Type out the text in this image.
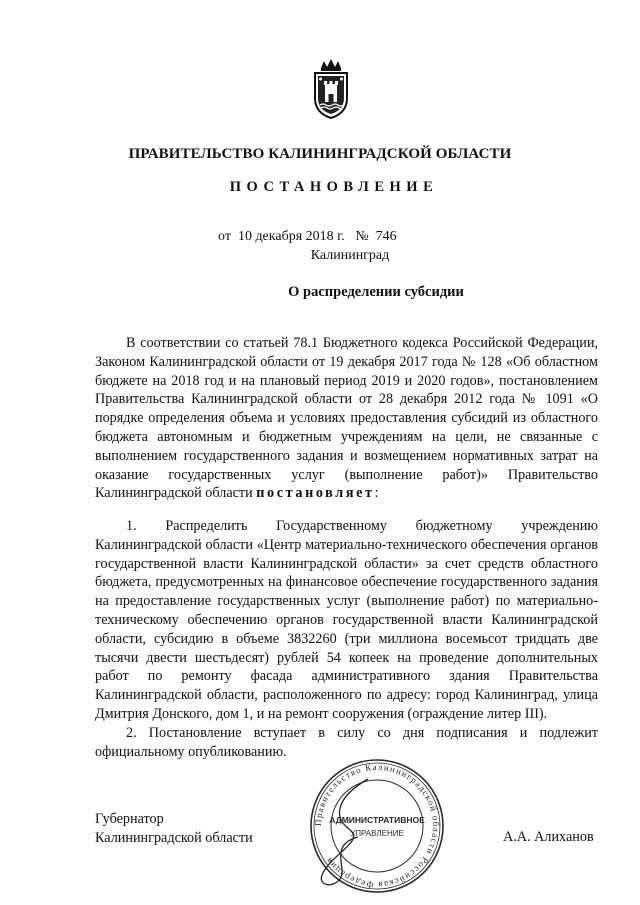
ПРАВИТЕЛЬСТВО КАЛИНИНГРАДСКОЙ ОБЛАСТИ
ПОСТАНОВЛЕНИЕ
от 10 декабря 2018 г. № 746
Калининград
О распределении субсидии

В соответствии со статьей 78.1 Бюджетного кодекса Российской Федерации, Законом Калининградской области от 19 декабря 2017 года № 128 «Об областном бюджете на 2018 год и на плановый период 2019 и 2020 годов», постановлением Правительства Калининградской области от 28 декабря 2012 года № 1091 «О порядке определения объема и условиях предоставления субсидий из областного бюджета автономным и бюджетным учреждениям на цели, не связанные с выполнением государственного задания и возмещением нормативных затрат на оказание государственных услуг (выполнение работ)» Правительство Калининградской области постановляет:

1. Распределить Государственному бюджетному учреждению Калининградской области «Центр материально-технического обеспечения органов государственной власти Калининградской области» за счет средств областного бюджета, предусмотренных на финансовое обеспечение государственного задания на предоставление государственных услуг (выполнение работ) по материально-техническому обеспечению органов государственной власти Калининградской области, субсидию в объеме 3832260 (три миллиона восемьсот тридцать две тысячи двести шестьдесят) рублей 54 копеек на проведение дополнительных работ по ремонту фасада административного здания Правительства Калининградской области, расположенного по адресу: город Калининград, улица Дмитрия Донского, дом 1, и на ремонт сооружения (ограждение литер III).

2. Постановление вступает в силу со дня подписания и подлежит официальному опубликованию.

Правительство Калининградской области Российская Федерация
АДМИНИСТРАТИВНОЕ
УПРАВЛЕНИЕ
Губернатор
Калининградской области	А.А. Алиханов
